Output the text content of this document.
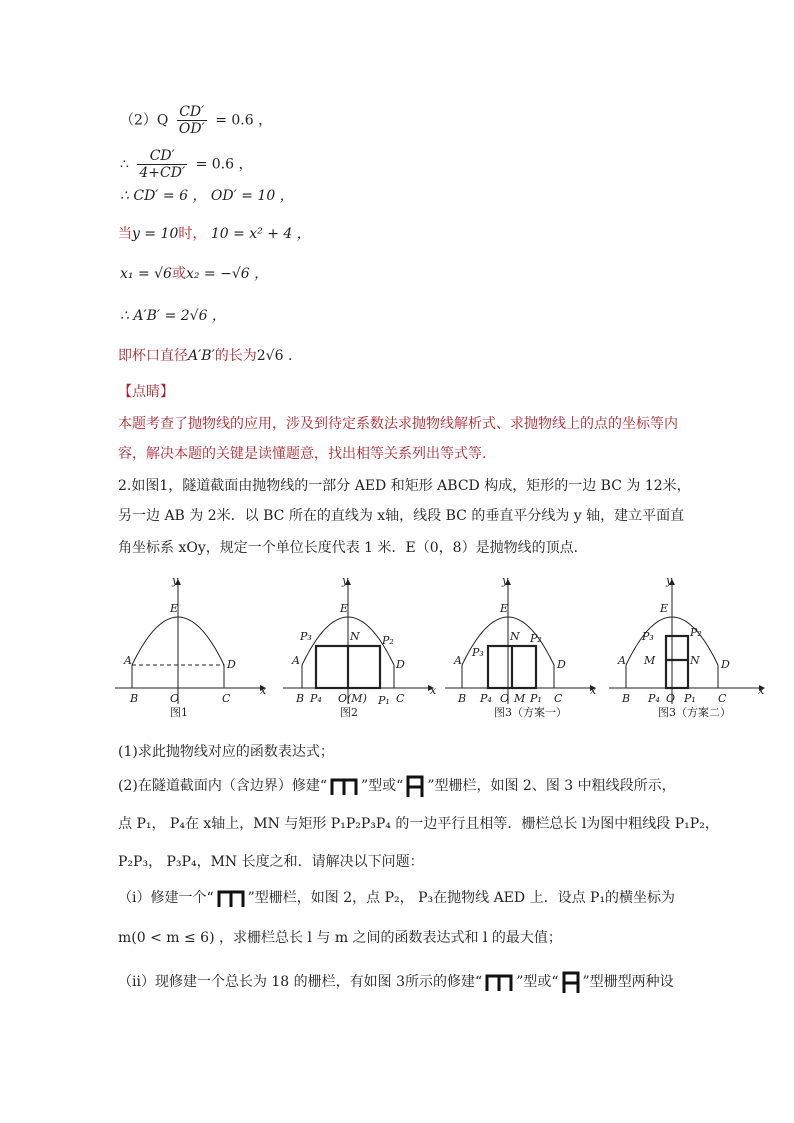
$(2)Q \frac{CD'}{OD'} = 0.6$ ，
∴ $\frac{CD'}{4+CD'} = 0.6$ ，
∴ CD′ = 6 ， OD′ = 10 ，
当y = 10时， 10 = x² + 4 ，
x₁ = √6或x₂ = −√6 ，
∴ A′B′ = 2√6 ，
即杯口直径A′B′的长为2√6 .
【点睛】
本题考查了抛物线的应用，涉及到待定系数法求抛物线解析式、求抛物线上的点的坐标等内
容，解决本题的关键是读懂题意，找出相等关系列出等式等.
2.如图1，隧道截面由抛物线的一部分 AED 和矩形 ABCD 构成，矩形的一边 BC 为 12米，
另一边 AB 为 2米．以 BC 所在的直线为 x轴，线段 BC 的垂直平分线为 y 轴，建立平面直
角坐标系 xOy，规定一个单位长度代表 1 米．E（0，8）是抛物线的顶点．
y
x
E
A	D
B	O	C
图1
y
x
E
N
P₃	P₂
A	D
B P₄ O(M) P₁ C
图2
y
x
E
N
P₃
P₂
A	D
B P₄ O M P₁ C
图3（方案一）
y
x
E
P₃	P₂
M	N
A	D
B P₄ O P₁ C
图3（方案二）
(1)求此抛物线对应的函数表达式；
(2)在隧道截面内（含边界）修建“ ”型或“ ”型栅栏，如图 2、图 3 中粗线段所示，
点 P₁， P₄在 x轴上，MN 与矩形 P₁P₂P₃P₄ 的一边平行且相等．栅栏总长 l为图中粗线段 P₁P₂，
P₂P₃， P₃P₄，MN 长度之和．请解决以下问题：
（ⅰ）修建一个“ ”型栅栏，如图 2，点 P₂， P₃在抛物线 AED 上．设点 P₁的横坐标为
m(0 < m ≤ 6) ，求栅栏总长 l 与 m 之间的函数表达式和 l 的最大值；
（ⅱ）现修建一个总长为 18 的栅栏，有如图 3所示的修建“ ”型或“ ”型栅型两种设
